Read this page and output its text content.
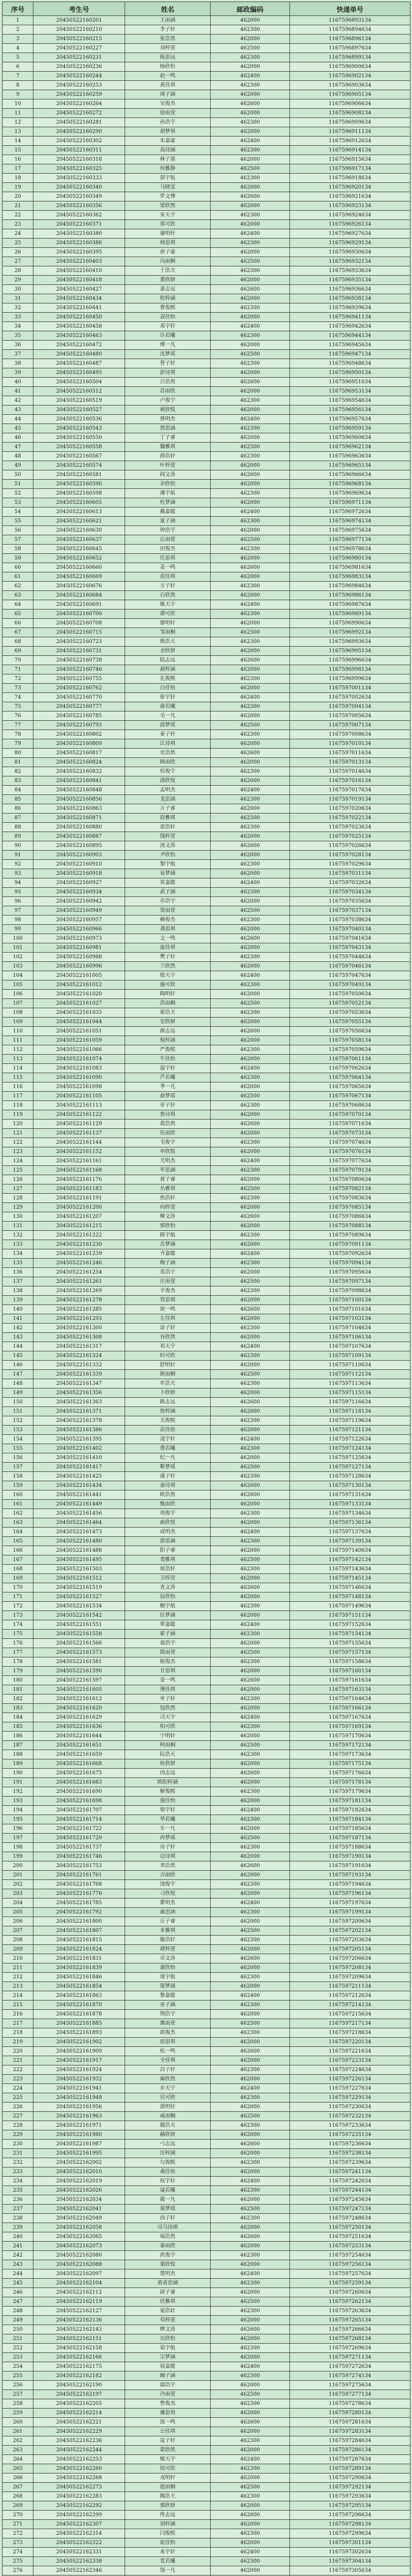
序号	考生号	姓名	邮政编码	快递单号
1	20450522160201	王雨涵	462000	1167596893134
2	20450522160210	李子轩	462300	1167596894634
3	20450522160215	张浩然	462000	1167596896134
4	20450522160227	刘梓萱	462500	1167596897634
5	20450522160231	陈思远	462300	1167596899134
6	20450522160236	杨欣怡	462000	1167596900634
7	20450522160244	赵一鸣	462400	1167596902134
8	20450522160253	黄佳琪	462300	1167596903634
9	20450522160259	周子涵	462000	1167596905134
10	20450522160264	吴俊杰	462600	1167596906634
11	20450522160272	徐雨萱	462000	1167596908134
12	20450522160281	孙浩宇	462300	1167596909634
13	20450522160290	胡梦琪	462000	1167596911134
14	20450522160302	朱嘉豪	462400	1167596912634
15	20450522160311	高诗涵	462300	1167596914134
16	20450522160318	林子墨	462000	1167596915634
17	20450522160325	何雅静	462500	1167596917134
18	20450522160333	郭宇航	462300	1167596918634
19	20450522160340	马晓雯	462000	1167596920134
20	20450522160349	罗文博	462600	1167596921634
21	20450522160356	梁欣然	462000	1167596923134
22	20450522160362	宋天宇	462300	1167596924634
23	20450522160371	郑可欣	462000	1167596926134
24	20450522160380	谢明轩	462400	1167596927634
25	20450522160386	韩思琪	462300	1167596929134
26	20450522160395	唐子豪	462000	1167596930634
27	20450522160403	冯雨桐	462500	1167596932134
28	20450522160410	于浩天	462300	1167596933634
29	20450522160418	董欣妍	462000	1167596935134
30	20450522160427	萧志远	462600	1167596936634
31	20450522160434	程梓涵	462000	1167596938134
32	20450522160441	曹俊熙	462300	1167596939634
33	20450522160450	袁佳怡	462000	1167596941134
34	20450522160458	邓宇轩	462400	1167596942634
35	20450522160463	许若曦	462300	1167596944134
36	20450522160472	傅一凡	462000	1167596945634
37	20450522160480	沈梦瑶	462500	1167596947134
38	20450522160487	曾子轩	462300	1167596948634
39	20450522160495	彭诗琪	462000	1167596950134
40	20450522160504	吕浩然	462600	1167596951634
41	20450522160512	苏雨欣	462000	1167596953134
42	20450522160519	卢俊宇	462300	1167596954634
43	20450522160527	蒋欣悦	462000	1167596956134
44	20450522160536	蔡明杰	462400	1167596957634
45	20450522160543	贾思涵	462300	1167596959134
46	20450522160550	丁子睿	462000	1167596960634
47	20450522160558	魏雅琪	462500	1167596962134
48	20450522160567	薛浩轩	462300	1167596963634
49	20450522160574	叶梓萱	462000	1167596965134
50	20450522160581	阎文涛	462600	1167596966634
51	20450522160590	余欣怡	462000	1167596968134
52	20450522160598	潘宇航	462300	1167596969634
53	20450522160605	杜梦涵	462000	1167596971134
54	20450522160613	戴嘉懿	462400	1167596972634
55	20450522160621	夏子涵	462300	1167596974134
56	20450522160630	钟浩宇	462000	1167596975634
57	20450522160637	汪雨萱	462500	1167596977134
58	20450522160645	田俊杰	462300	1167596978634
59	20450522160652	任思琪	462000	1167596980134
60	20450522160660	姜一鸣	462600	1167596981634
61	20450522160669	范佳琪	462000	1167596983134
62	20450522160676	方子轩	462300	1167596984634
63	20450522160684	石欣然	462000	1167596986134
64	20450522160691	姚天宇	462400	1167596987634
65	20450522160700	谭可欣	462300	1167596989134
66	20450522160708	廖明轩	462000	1167596990634
67	20450522160715	邹雨桐	462500	1167596992134
68	20450522160723	熊浩天	462300	1167596993634
69	20450522160731	金欣妍	462000	1167596995134
70	20450522160738	陆志远	462600	1167596996634
71	20450522160746	郝梓涵	462000	1167596998134
72	20450522160755	孔俊熙	462300	1167596999634
73	20450522160762	白佳怡	462000	1167597001134
74	20450522160770	崔宇轩	462400	1167597002634
75	20450522160777	康若曦	462300	1167597004134
76	20450522160785	毛一凡	462000	1167597005634
77	20450522160793	邱梦瑶	462500	1167597007134
78	20450522160802	秦子轩	462300	1167597008634
79	20450522160809	江诗琪	462000	1167597010134
80	20450522160817	史浩然	462600	1167597011634
81	20450522160824	顾雨欣	462000	1167597013134
82	20450522160832	侯俊宇	462300	1167597014634
83	20450522160841	邵欣悦	462000	1167597016134
84	20450522160848	孟明杰	462400	1167597017634
85	20450522160856	龙思涵	462300	1167597019134
86	20450522160863	万子睿	462000	1167597020634
87	20450522160871	段雅琪	462500	1167597022134
88	20450522160880	雷浩轩	462300	1167597023634
89	20450522160887	钱梓萱	462000	1167597025134
90	20450522160895	汤文涛	462600	1167597026634
91	20450522160903	尹欣怡	462000	1167597028134
92	20450522160910	黎宇航	462300	1167597029634
93	20450522160918	易梦涵	462000	1167597031134
94	20450522160927	常嘉懿	462400	1167597032634
95	20450522160934	武子涵	462300	1167597034134
96	20450522160942	乔浩宇	462000	1167597035634
97	20450522160949	贺雨萱	462500	1167597037134
98	20450522160957	赖俊杰	462300	1167597038634
99	20450522160966	龚思琪	462000	1167597040134
100	20450522160973	文一鸣	462600	1167597041634
101	20450522160981	庞佳琪	462000	1167597043134
102	20450522160988	樊子轩	462300	1167597044634
103	20450522160996	兰欣然	462000	1167597046134
104	20450522161005	殷天宇	462400	1167597047634
105	20450522161012	施可欣	462300	1167597049134
106	20450522161020	陶明轩	462000	1167597050634
107	20450522161027	洪雨桐	462500	1167597052134
108	20450522161035	翟浩天	462300	1167597053634
109	20450522161044	安欣妍	462000	1167597055134
110	20450522161051	颜志远	462600	1167597056634
111	20450522161059	倪梓涵	462000	1167597058134
112	20450522161066	严俊熙	462300	1167597059634
113	20450522161074	牛佳怡	462000	1167597061134
114	20450522161083	温宇轩	462400	1167597062634
115	20450522161090	芦若曦	462300	1167597064134
116	20450522161098	季一凡	462000	1167597065634
117	20450522161105	俞梦瑶	462500	1167597067134
118	20450522161113	章子轩	462300	1167597068634
119	20450522161122	鲁诗琪	462000	1167597070134
120	20450522161129	葛浩然	462600	1167597071634
121	20450522161137	伍雨欣	462000	1167597073134
122	20450522161144	韦俊宇	462300	1167597074634
123	20450522161152	申欣悦	462000	1167597076134
124	20450522161161	尤明杰	462400	1167597077634
125	20450522161168	毕思涵	462300	1167597079134
126	20450522161176	聂子睿	462000	1167597080634
127	20450522161183	丛雅琪	462500	1167597082134
128	20450522161191	焦浩轩	462300	1167597083634
129	20450522161200	向梓萱	462000	1167597085134
130	20450522161207	柳文涛	462600	1167597086634
131	20450522161215	邢欣怡	462000	1167597088134
132	20450522161222	路宇航	462300	1167597089634
133	20450522161230	岳梦涵	462000	1167597091134
134	20450522161239	齐嘉懿	462400	1167597092634
135	20450522161246	梅子涵	462300	1167597094134
136	20450522161254	莫浩宇	462000	1167597095634
137	20450522161261	庄雨萱	462500	1167597097134
138	20450522161269	辛俊杰	462300	1167597098634
139	20450522161278	管思琪	462000	1167597100134
140	20450522161285	祝一鸣	462600	1167597101634
141	20450522161293	左佳琪	462000	1167597103134
142	20450522161300	涂子轩	462300	1167597104634
143	20450522161308	谷欣然	462000	1167597106134
144	20450522161317	祁天宇	462400	1167597107634
145	20450522161324	时可欣	462300	1167597109134
146	20450522161332	舒明轩	462000	1167597110634
147	20450522161339	耿雨桐	462500	1167597112134
148	20450522161347	牟浩天	462300	1167597113634
149	20450522161356	卜欣妍	462000	1167597115134
150	20450522161363	路志远	462600	1167597116634
151	20450522161371	詹梓涵	462000	1167597118134
152	20450522161378	关俊熙	462300	1167597119634
153	20450522161386	苗佳怡	462000	1167597121134
154	20450522161395	凌宇轩	462400	1167597122634
155	20450522161402	费若曦	462300	1167597124134
156	20450522161410	纪一凡	462000	1167597125634
157	20450522161417	靳梦瑶	462500	1167597127134
158	20450522161425	盛子轩	462300	1167597128634
159	20450522161434	童诗琪	462000	1167597130134
160	20450522161441	欧浩然	462600	1167597131634
161	20450522161449	甄雨欣	462000	1167597133134
162	20450522161456	项俊宇	462300	1167597134634
163	20450522161464	曲欣悦	462000	1167597136134
164	20450522161473	成明杰	462400	1167597137634
165	20450522161480	游思涵	462300	1167597139134
166	20450522161488	阳子睿	462000	1167597140634
167	20450522161495	裴雅琪	462500	1167597142134
168	20450522161503	席浩轩	462300	1167597143634
169	20450522161512	卫梓萱	462000	1167597145134
170	20450522161519	查文涛	462600	1167597146634
171	20450522161527	屈欣怡	462000	1167597148134
172	20450522161534	鲍宇航	462300	1167597149634
173	20450522161542	位梦涵	462000	1167597151134
174	20450522161551	覃嘉懿	462400	1167597152634
175	20450522161558	霍子涵	462300	1167597154134
176	20450522161566	翁浩宇	462000	1167597155634
177	20450522161573	隋雨萱	462500	1167597157134
178	20450522161581	植俊杰	462300	1167597158634
179	20450522161590	甘思琪	462000	1167597160134
180	20450522161597	景一鸣	462600	1167597161634
181	20450522161605	薄佳琪	462000	1167597163134
182	20450522161612	单子轩	462300	1167597164634
183	20450522161620	包欣然	462000	1167597166134
184	20450522161629	司天宇	462400	1167597167634
185	20450522161636	柏可欣	462300	1167597169134
186	20450522161644	宁明轩	462000	1167597170634
187	20450522161651	柯雨桐	462500	1167597172134
188	20450522161659	阮浩天	462300	1167597173634
189	20450522161668	桂欣妍	462000	1167597175134
190	20450522161675	闵志远	462600	1167597176634
191	20450522161683	欧阳梓涵	462000	1167597178134
192	20450522161690	解俊熙	462300	1167597179634
193	20450522161698	强佳怡	462000	1167597181134
194	20450522161707	柴宇轩	462400	1167597182634
195	20450522161714	华若曦	462300	1167597184134
196	20450522161722	车一凡	462000	1167597185634
197	20450522161729	冉梦瑶	462500	1167597187134
198	20450522161737	房子轩	462300	1167597188634
199	20450522161746	边诗琪	462000	1167597190134
200	20450522161753	辜浩然	462600	1167597191634
201	20450522161761	吉雨欣	462000	1167597193134
202	20450522161768	饶俊宇	462300	1167597194634
203	20450522161776	刁欣悦	462000	1167597196134
204	20450522161785	瞿明杰	462400	1167597197634
205	20450522161792	戚思涵	462300	1167597199134
206	20450522161800	丘子睿	462000	1167597200634
207	20450522161807	米雅琪	462500	1167597202134
208	20450522161815	滕浩轩	462300	1167597203634
209	20450522161824	褚梓萱	462000	1167597205134
210	20450522161831	卓文涛	462600	1167597206634
211	20450522161839	蒲欣怡	462000	1167597208134
212	20450522161846	谈宇航	462300	1167597209634
213	20450522161854	邬梦涵	462000	1167597211134
214	20450522161863	黎嘉懿	462400	1167597212634
215	20450522161870	巫子涵	462300	1167597214134
216	20450522161878	荆浩宇	462000	1167597215634
217	20450522161885	冀雨萱	462500	1167597217134
218	20450522161893	郎俊杰	462300	1167597218634
219	20450522161902	原思琪	462000	1167597220134
220	20450522161909	杭一鸣	462600	1167597221634
221	20450522161917	全佳琪	462000	1167597223134
222	20450522161924	昌子轩	462300	1167597224634
223	20450522161932	麻欣然	462000	1167597226134
224	20450522161941	步天宇	462400	1167597227634
225	20450522161948	宫可欣	462300	1167597229134
226	20450522161956	滑明轩	462000	1167597230634
227	20450522161963	咸雨桐	462500	1167597232134
228	20450522161971	籍浩天	462300	1167597233634
229	20450522161980	赫欣妍	462000	1167597235134
230	20450522161987	弓志远	462600	1167597236634
231	20450522161995	厉梓涵	462000	1167597238134
232	20450522162002	勾俊熙	462300	1167597239634
233	20450522162010	桑佳怡	462000	1167597241134
234	20450522162019	权宇轩	462400	1167597242634
235	20450522162026	逯若曦	462300	1167597244134
236	20450522162034	蔺一凡	462000	1167597245634
237	20450522162041	慕梦瑶	462500	1167597247134
238	20450522162049	尚子轩	462300	1167597248634
239	20450522162058	司马诗琪	462000	1167597250134
240	20450522162065	端浩然	462600	1167597251634
241	20450522162073	暴雨欣	462000	1167597253134
242	20450522162080	庹俊宇	462300	1167597254634
243	20450522162088	栗欣悦	462000	1167597256134
244	20450522162097	楚明杰	462400	1167597257634
245	20450522162104	黄甫思涵	462300	1167597259134
246	20450522162112	尉子睿	462000	1167597260634
247	20450522162119	伏雅琪	462500	1167597262134
248	20450522162127	晏浩轩	462300	1167597263634
249	20450522162136	苟梓萱	462000	1167597265134
250	20450522162143	缪文涛	462600	1167597266634
251	20450522162151	贝欣怡	462000	1167597268134
252	20450522162158	茹宇航	462300	1167597269634
253	20450522162166	宗梦涵	462000	1167597271134
254	20450522162175	展嘉懿	462400	1167597272634
255	20450522162182	阚子涵	462300	1167597274134
256	20450522162190	邸浩宇	462000	1167597275634
257	20450522162197	冷雨萱	462500	1167597277134
258	20450522162205	訾俊杰	462300	1167597278634
259	20450522162214	璩思琪	462000	1167597280134
260	20450522162221	汲一鸣	462600	1167597281634
261	20450522162229	公佳琪	462000	1167597283134
262	20450522162236	寇子轩	462300	1167597284634
263	20450522162244	蒙欣然	462000	1167597286134
264	20450522162253	檀天宇	462400	1167597287634
265	20450522162260	钮可欣	462300	1167597289134
266	20450522162268	戎明轩	462000	1167597290634
267	20450522162275	扈雨桐	462500	1167597292134
268	20450522162283	隗浩天	462300	1167597293634
269	20450522162292	那欣妍	462000	1167597295134
270	20450522162299	佟志远	462600	1167597296634
271	20450522162307	别梓涵	462000	1167597298134
272	20450522162314	闫俊熙	462300	1167597299634
273	20450522162322	底佳怡	462000	1167597301134
274	20450522162331	来宇轩	462400	1167597302634
275	20450522162338	党若曦	462300	1167597304134
276	20450522162346	郜一凡	462000	1167597305634
